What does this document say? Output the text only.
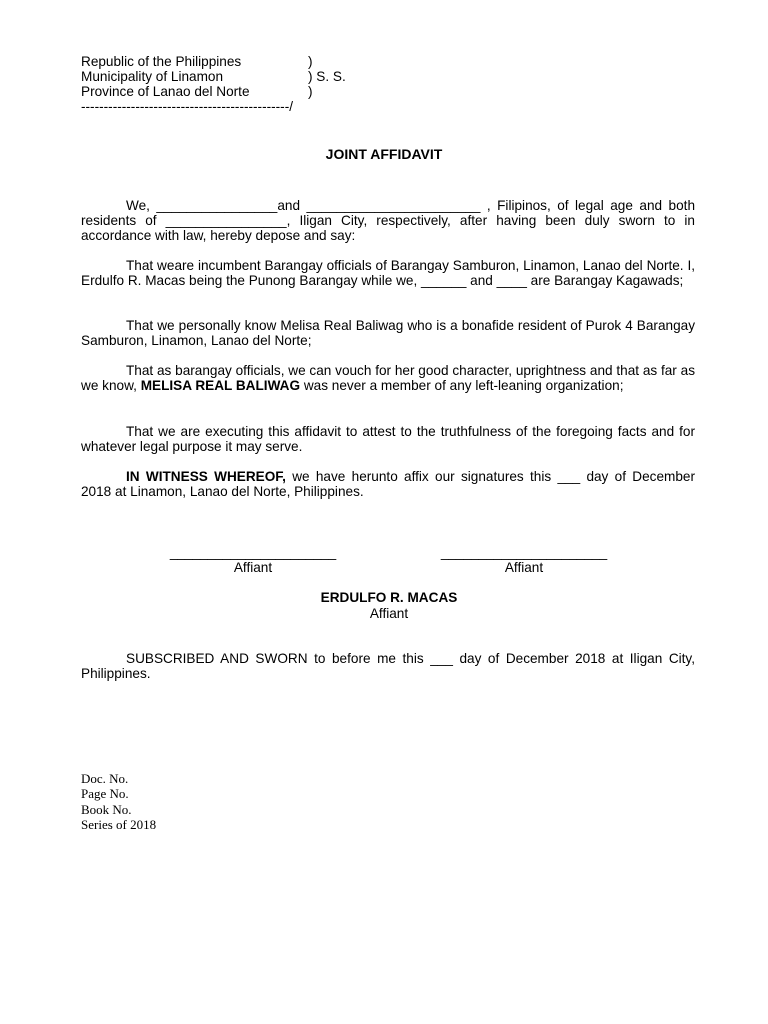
Republic of the Philippines	)
Municipality of Linamon	) S. S.
Province of Lanao del Norte	)
----------------------------------------------/
JOINT AFFIDAVIT

We, ________________and _______________________ , Filipinos, of legal age and both residents of ________________, Iligan City, respectively, after having been duly sworn to in accordance with law, hereby depose and say:

That weare incumbent Barangay officials of Barangay Samburon, Linamon, Lanao del Norte. I, Erdulfo R. Macas being the Punong Barangay while we, ______ and ____ are Barangay Kagawads;

That we personally know Melisa Real Baliwag who is a bonafide resident of Purok 4 Barangay Samburon, Linamon, Lanao del Norte;

That as barangay officials, we can vouch for her good character, uprightness and that as far as we know, MELISA REAL BALIWAG was never a member of any left-leaning organization;

That we are executing this affidavit to attest to the truthfulness of the foregoing facts and for whatever legal purpose it may serve.

IN WITNESS WHEREOF, we have herunto affix our signatures this ___ day of December 2018 at Linamon, Lanao del Norte, Philippines.

______________________
Affiant
______________________
Affiant
ERDULFO R. MACAS
Affiant

SUBSCRIBED AND SWORN to before me this ___ day of December 2018 at Iligan City, Philippines.

Doc. No.
Page No.
Book No.
Series of 2018
